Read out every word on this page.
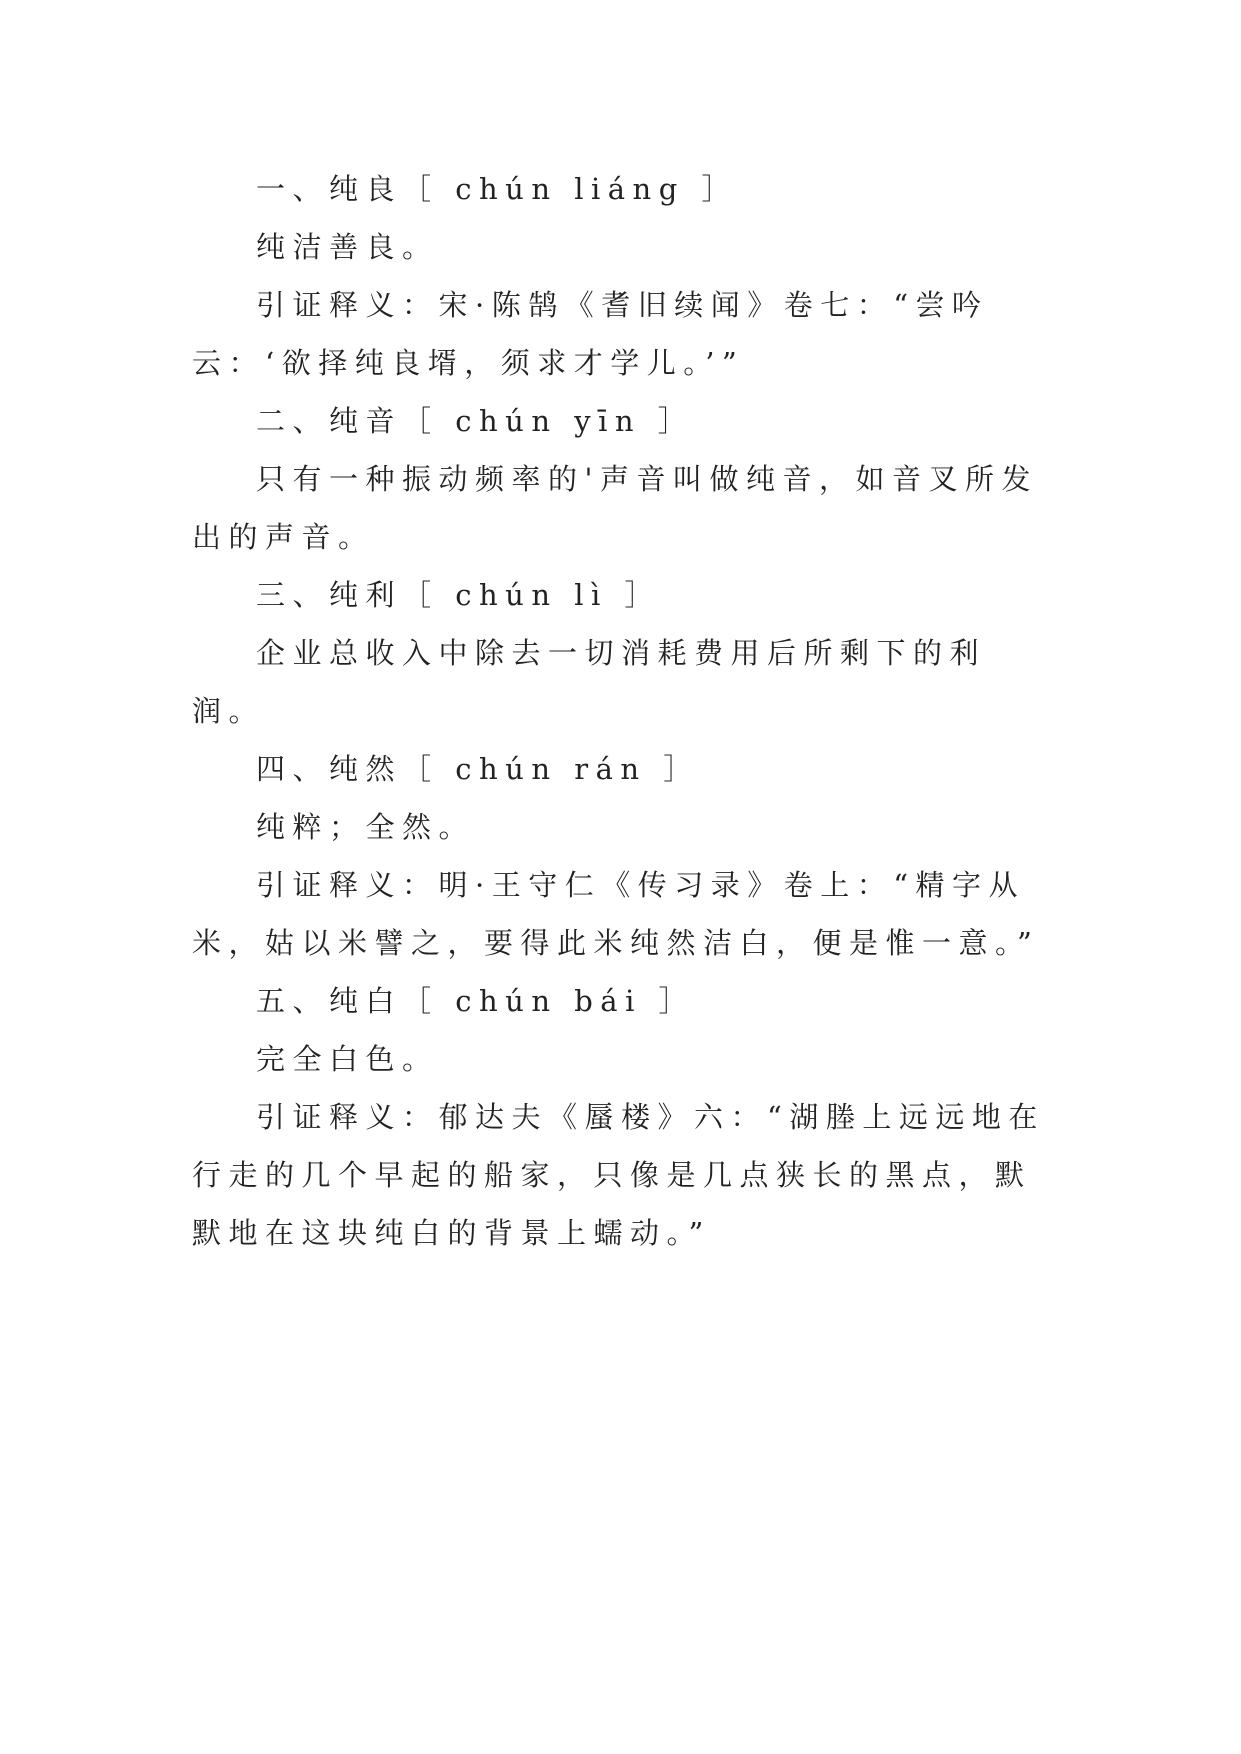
一、纯良［ chún liáng ］

纯洁善良。

引证释义：宋·陈鹄《耆旧续闻》卷七：“尝吟云：‘欲择纯良壻，须求才学儿。’”

二、纯音［ chún yīn ］

只有一种振动频率的'声音叫做纯音，如音叉所发出的声音。

三、纯利［ chún lì ］

企业总收入中除去一切消耗费用后所剩下的利润。

四、纯然［ chún rán ］

纯粹；全然。

引证释义：明·王守仁《传习录》卷上：“精字从米，姑以米譬之，要得此米纯然洁白，便是惟一意。”

五、纯白［ chún bái ］

完全白色。

引证释义：郁达夫《蜃楼》六：“湖塍上远远地在行走的几个早起的船家，只像是几点狭长的黑点，默默地在这块纯白的背景上蠕动。”
